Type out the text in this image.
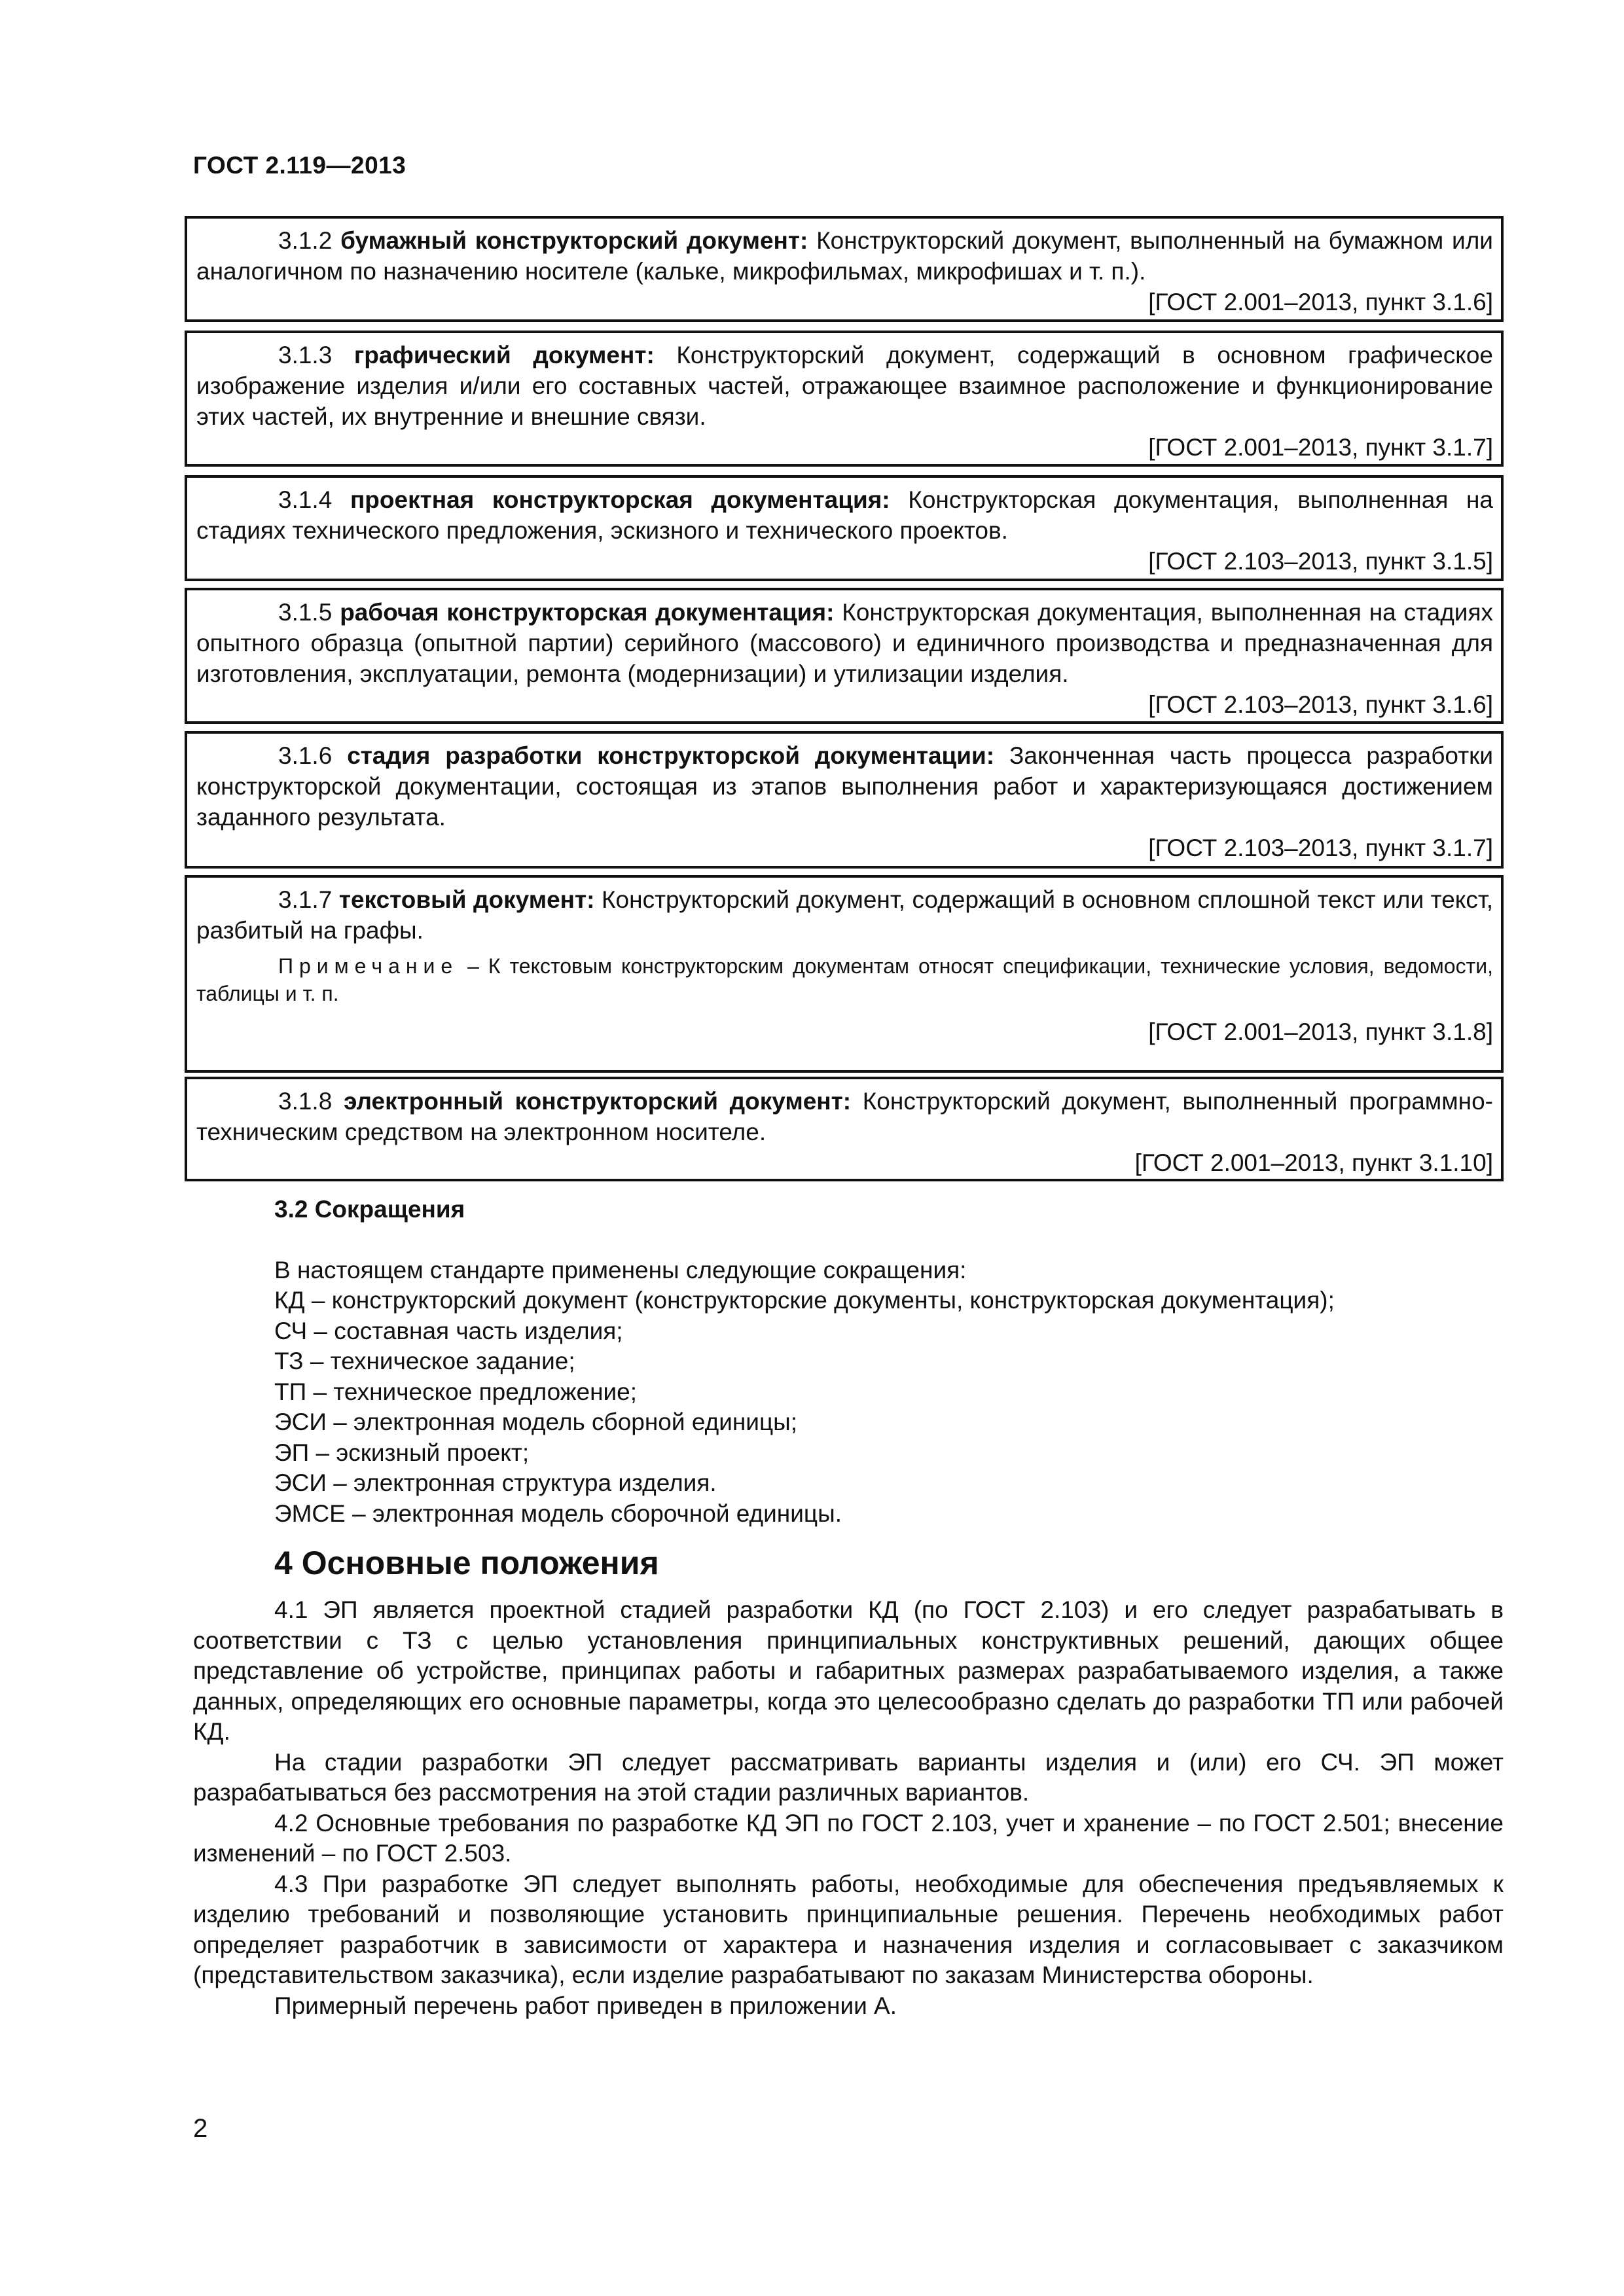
ГОСТ 2.119—2013

3.1.2 бумажный конструкторский документ: Конструкторский документ, выполненный на бумажном или аналогичном по назначению носителе (кальке, микрофильмах, микрофишах и т. п.).

[ГОСТ 2.001–2013, пункт 3.1.6]

3.1.3 графический документ: Конструкторский документ, содержащий в основном графическое изображение изделия и/или его составных частей, отражающее взаимное расположение и функционирование этих частей, их внутренние и внешние связи.

[ГОСТ 2.001–2013, пункт 3.1.7]

3.1.4 проектная конструкторская документация: Конструкторская документация, выполненная на стадиях технического предложения, эскизного и технического проектов.

[ГОСТ 2.103–2013, пункт 3.1.5]

3.1.5 рабочая конструкторская документация: Конструкторская документация, выполненная на стадиях опытного образца (опытной партии) серийного (массового) и единичного производства и предназначенная для изготовления, эксплуатации, ремонта (модернизации) и утилизации изделия.

[ГОСТ 2.103–2013, пункт 3.1.6]

3.1.6 стадия разработки конструкторской документации: Законченная часть процесса разработки конструкторской документации, состоящая из этапов выполнения работ и характеризующаяся достижением заданного результата.

[ГОСТ 2.103–2013, пункт 3.1.7]

3.1.7 текстовый документ: Конструкторский документ, содержащий в основном сплошной текст или текст, разбитый на графы.

Примечание – К текстовым конструкторским документам относят спецификации, технические условия, ведомости, таблицы и т. п.

[ГОСТ 2.001–2013, пункт 3.1.8]

3.1.8 электронный конструкторский документ: Конструкторский документ, выполненный программно-техническим средством на электронном носителе.

[ГОСТ 2.001–2013, пункт 3.1.10]

3.2 Сокращения

В настоящем стандарте применены следующие сокращения:

КД – конструкторский документ (конструкторские документы, конструкторская документация);

СЧ – составная часть изделия;

ТЗ – техническое задание;

ТП – техническое предложение;

ЭСИ – электронная модель сборной единицы;

ЭП – эскизный проект;

ЭСИ – электронная структура изделия.

ЭМСЕ – электронная модель сборочной единицы.

4 Основные положения

4.1 ЭП является проектной стадией разработки КД (по ГОСТ 2.103) и его следует разрабатывать в соответствии с ТЗ с целью установления принципиальных конструктивных решений, дающих общее представление об устройстве, принципах работы и габаритных размерах разрабатываемого изделия, а также данных, определяющих его основные параметры, когда это целесообразно сделать до разработки ТП или рабочей КД.

На стадии разработки ЭП следует рассматривать варианты изделия и (или) его СЧ. ЭП может разрабатываться без рассмотрения на этой стадии различных вариантов.

4.2 Основные требования по разработке КД ЭП по ГОСТ 2.103, учет и хранение – по ГОСТ 2.501; внесение изменений – по ГОСТ 2.503.

4.3 При разработке ЭП следует выполнять работы, необходимые для обеспечения предъявляемых к изделию требований и позволяющие установить принципиальные решения. Перечень необходимых работ определяет разработчик в зависимости от характера и назначения изделия и согласовывает с заказчиком (представительством заказчика), если изделие разрабатывают по заказам Министерства обороны.

Примерный перечень работ приведен в приложении А.

2
